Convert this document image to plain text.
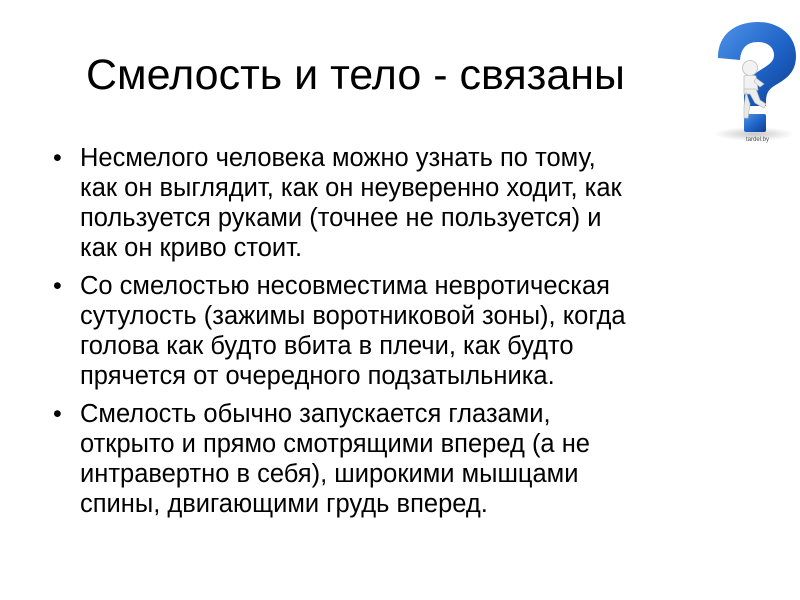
Смелость и тело - связаны
• Несмелого человека можно узнать по тому,
как он выглядит, как он неуверенно ходит, как
пользуется руками (точнее не пользуется) и
как он криво стоит.
• Со смелостью несовместима невротическая
сутулость (зажимы воротниковой зоны), когда
голова как будто вбита в плечи, как будто
прячется от очередного подзатыльника.
• Смелость обычно запускается глазами,
открыто и прямо смотрящими вперед (а не
интравертно в себя), широкими мышцами
спины, двигающими грудь вперед.
tardel.by
